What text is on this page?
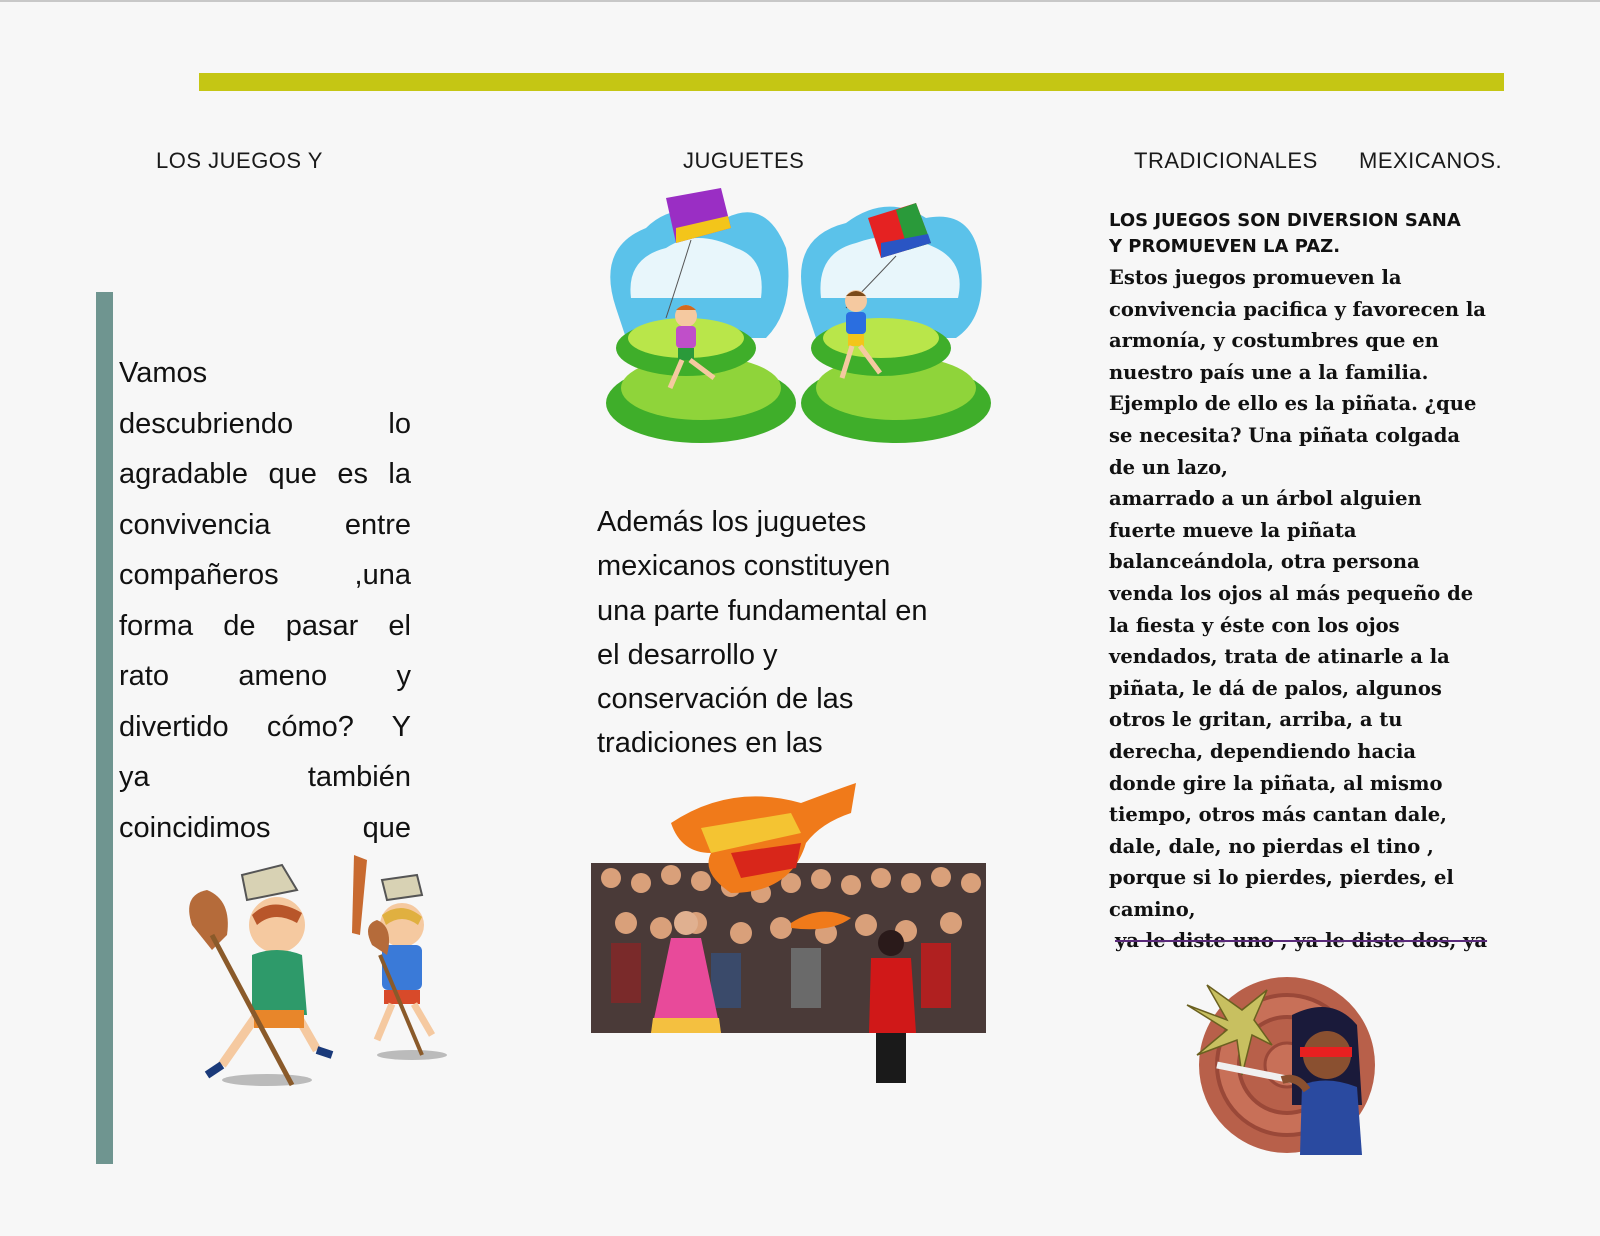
LOS JUEGOS Y	JUGUETES	TRADICIONALES MEXICANOS.

Vamos
descubriendo lo
agradable que es la
convivencia entre
compañeros ,una
forma de pasar el
rato ameno y
divertido cómo? Y
ya también
coincidimos que

Además los juguetes
mexicanos constituyen
una parte fundamental en
el desarrollo y
conservación de las
tradiciones en las

LOS JUEGOS SON DIVERSION SANA
Y PROMUEVEN LA PAZ.

Estos juegos promueven la
convivencia pacifica y favorecen la
armonía, y costumbres que en
nuestro país une a la familia.
Ejemplo de ello es la piñata. ¿que
se necesita? Una piñata colgada
de un lazo,
amarrado a un árbol alguien
fuerte mueve la piñata
balanceándola, otra persona
venda los ojos al más pequeño de
la fiesta y éste con los ojos
vendados, trata de atinarle a la
piñata, le dá de palos, algunos
otros le gritan, arriba, a tu
derecha, dependiendo hacia
donde gire la piñata, al mismo
tiempo, otros más cantan dale,
dale, dale, no pierdas el tino ,
porque si lo pierdes, pierdes, el
camino,
ya le diste uno , ya le diste dos, ya
